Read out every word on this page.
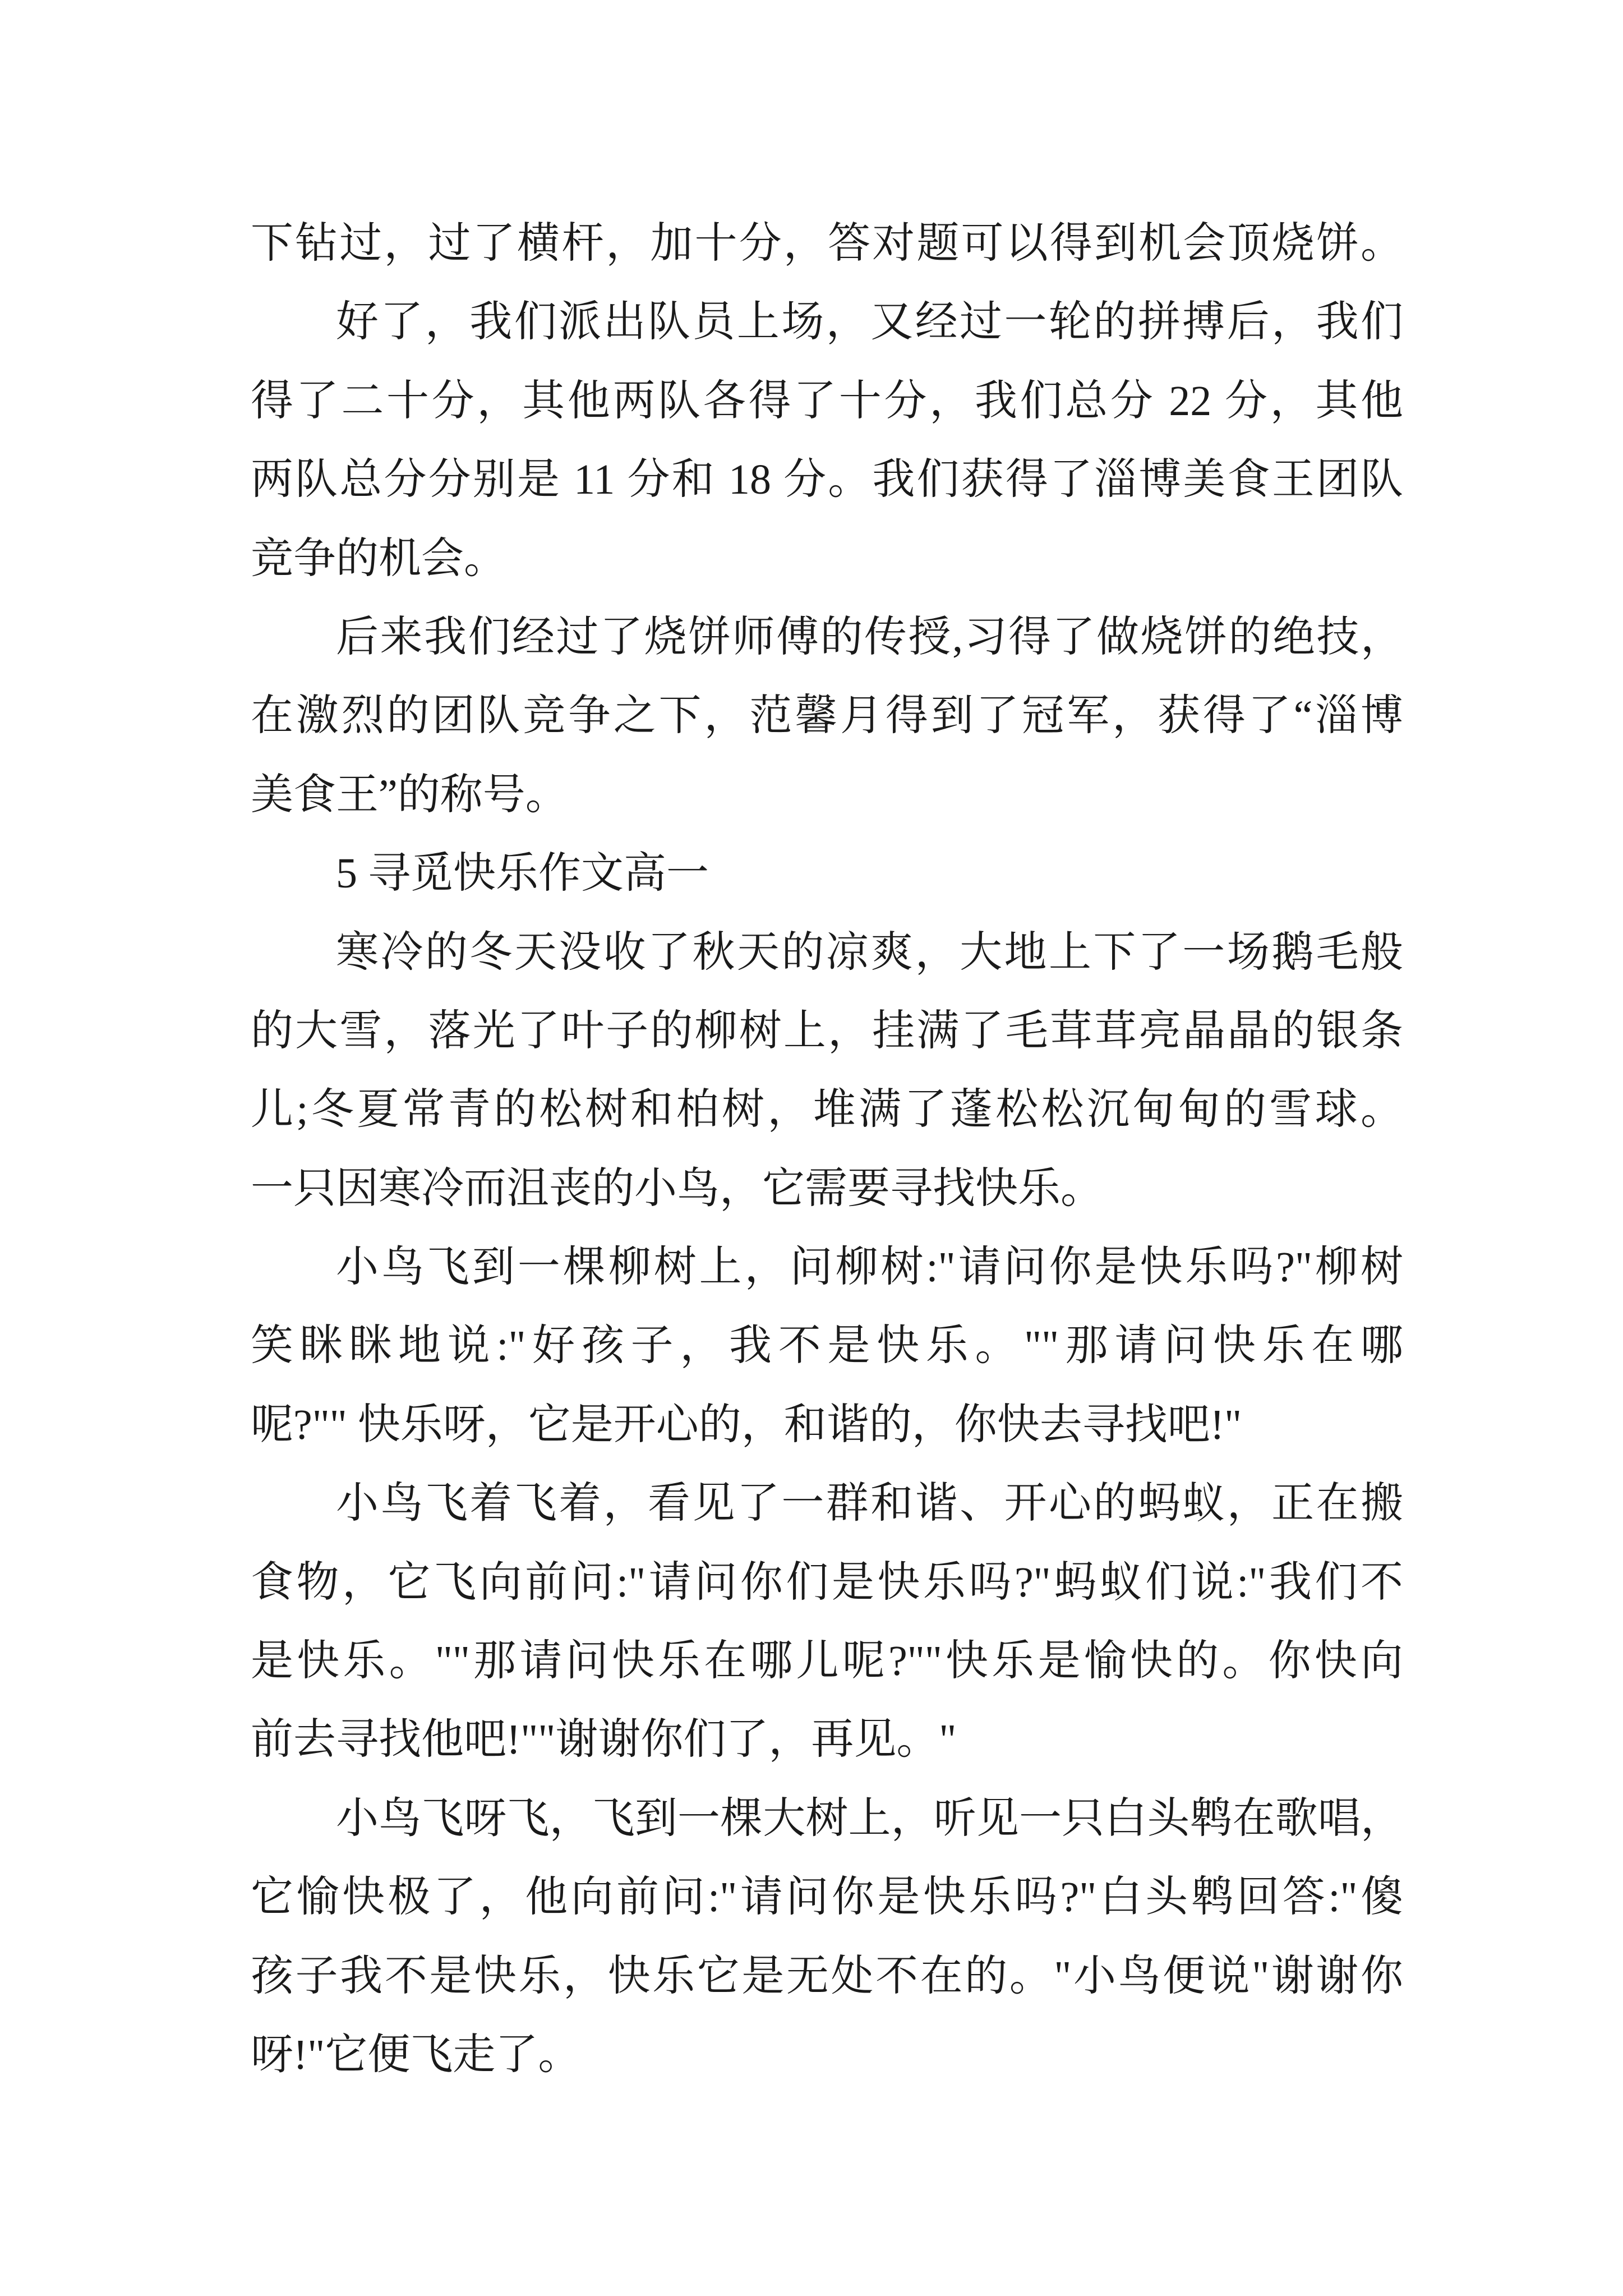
下钻过，过了横杆，加十分，答对题可以得到机会顶烧饼。
好了，我们派出队员上场，又经过一轮的拼搏后，我们
得了二十分，其他两队各得了十分，我们总分 22 分，其他
两队总分分别是 11 分和 18 分。我们获得了淄博美食王团队
竞争的机会。
后来我们经过了烧饼师傅的传授,习得了做烧饼的绝技，
在激烈的团队竞争之下，范馨月得到了冠军，获得了“淄博
美食王”的称号。
5 寻觅快乐作文高一
寒冷的冬天没收了秋天的凉爽，大地上下了一场鹅毛般
的大雪，落光了叶子的柳树上，挂满了毛茸茸亮晶晶的银条
儿;冬夏常青的松树和柏树，堆满了蓬松松沉甸甸的雪球。
一只因寒冷而沮丧的小鸟，它需要寻找快乐。
小鸟飞到一棵柳树上，问柳树:"请问你是快乐吗?"柳树
笑眯眯地说:"好孩子，我不是快乐。""那请问快乐在哪
呢?"" 快乐呀，它是开心的，和谐的，你快去寻找吧!"
小鸟飞着飞着，看见了一群和谐、开心的蚂蚁，正在搬
食物，它飞向前问:"请问你们是快乐吗?"蚂蚁们说:"我们不
是快乐。""那请问快乐在哪儿呢?""快乐是愉快的。你快向
前去寻找他吧!""谢谢你们了，再见。"
小鸟飞呀飞，飞到一棵大树上，听见一只白头鹎在歌唱，
它愉快极了，他向前问:"请问你是快乐吗?"白头鹎回答:"傻
孩子我不是快乐，快乐它是无处不在的。"小鸟便说"谢谢你
呀!"它便飞走了。
